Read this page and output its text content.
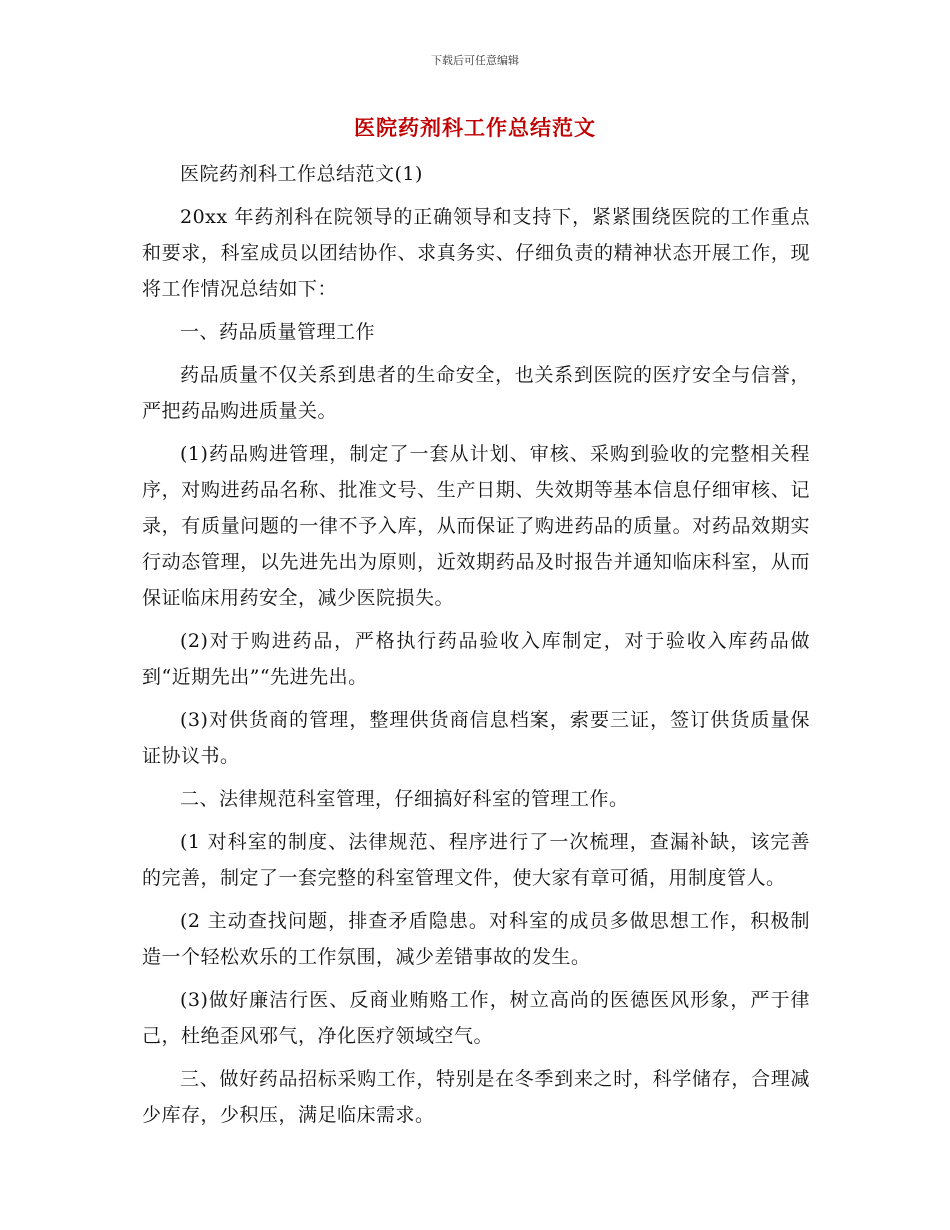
下载后可任意编辑
医院药剂科工作总结范文

医院药剂科工作总结范文(1)

20xx 年药剂科在院领导的正确领导和支持下，紧紧围绕医院的工作重点和要求，科室成员以团结协作、求真务实、仔细负责的精神状态开展工作，现将工作情况总结如下：

一、药品质量管理工作

药品质量不仅关系到患者的生命安全，也关系到医院的医疗安全与信誉，严把药品购进质量关。

(1)药品购进管理，制定了一套从计划、审核、采购到验收的完整相关程序，对购进药品名称、批准文号、生产日期、失效期等基本信息仔细审核、记录，有质量问题的一律不予入库，从而保证了购进药品的质量。对药品效期实行动态管理，以先进先出为原则，近效期药品及时报告并通知临床科室，从而保证临床用药安全，减少医院损失。

(2)对于购进药品，严格执行药品验收入库制定，对于验收入库药品做到“近期先出”“先进先出。

(3)对供货商的管理，整理供货商信息档案，索要三证，签订供货质量保证协议书。

二、法律规范科室管理，仔细搞好科室的管理工作。

(1 对科室的制度、法律规范、程序进行了一次梳理，查漏补缺，该完善的完善，制定了一套完整的科室管理文件，使大家有章可循，用制度管人。

(2 主动查找问题，排查矛盾隐患。对科室的成员多做思想工作，积极制造一个轻松欢乐的工作氛围，减少差错事故的发生。

(3)做好廉洁行医、反商业贿赂工作，树立高尚的医德医风形象，严于律己，杜绝歪风邪气，净化医疗领域空气。

三、做好药品招标采购工作，特别是在冬季到来之时，科学储存，合理减少库存，少积压，满足临床需求。
